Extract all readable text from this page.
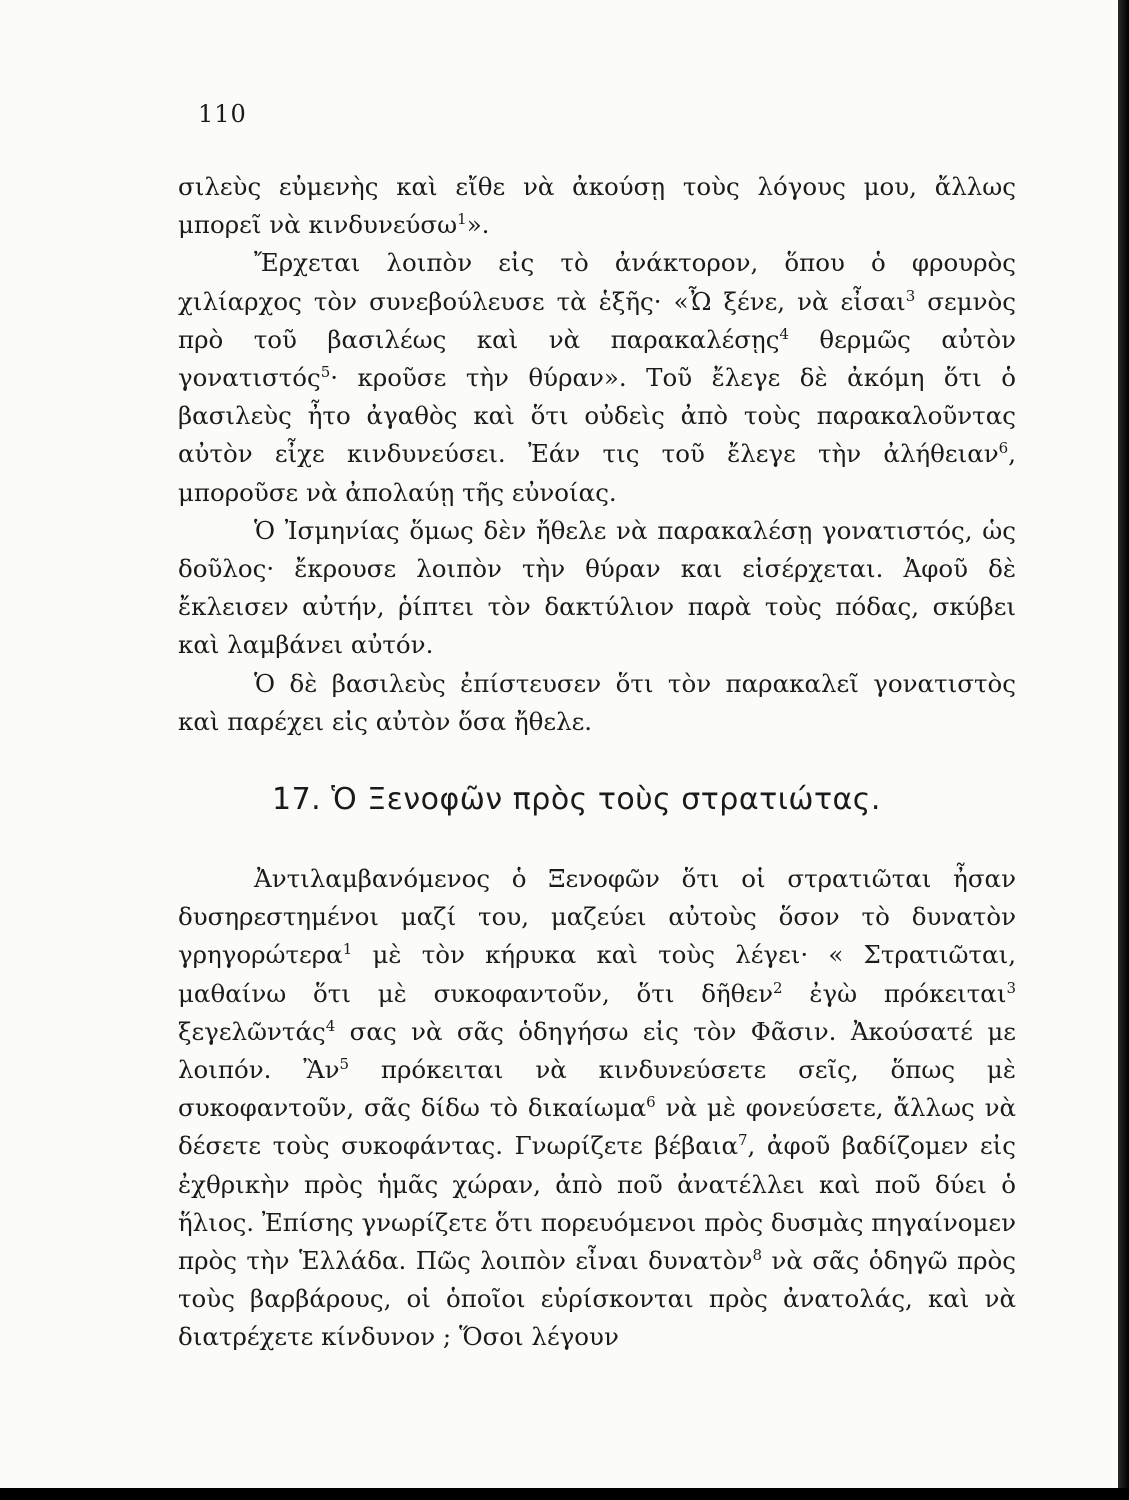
110

σιλεὺς εὐμενὴς καὶ εἴθε νὰ ἀκούσῃ τοὺς λόγους μου, ἄλλως μπορεῖ νὰ κινδυνεύσω$^1$».

Ἔρχεται λοιπὸν εἰς τὸ ἀνάκτορον, ὅπου ὁ φρουρὸς χιλίαρχος τὸν συνεβούλευσε τὰ ἑξῆς· «Ὦ ξένε, νὰ εἶσαι$^3$ σεμνὸς πρὸ τοῦ βασιλέως καὶ νὰ παρακαλέσῃς$^4$ θερμῶς αὐτὸν γονατιστός$^5$· κροῦσε τὴν θύραν». Τοῦ ἔλεγε δὲ ἀκόμη ὅτι ὁ βασιλεὺς ἦτο ἀγαθὸς καὶ ὅτι οὐδεὶς ἀπὸ τοὺς παρακαλοῦντας αὐτὸν εἶχε κινδυνεύσει. Ἐάν τις τοῦ ἔλεγε τὴν ἀλήθειαν$^6$, μποροῦσε νὰ ἀπολαύῃ τῆς εὐνοίας.

Ὁ Ἰσμηνίας ὅμως δὲν ἤθελε νὰ παρακαλέσῃ γονατιστός, ὡς δοῦλος· ἔκρουσε λοιπὸν τὴν θύραν και εἰσέρχεται. Ἀφοῦ δὲ ἔκλεισεν αὐτήν, ῥίπτει τὸν δακτύλιον παρὰ τοὺς πόδας, σκύβει καὶ λαμβάνει αὐτόν.

Ὁ δὲ βασιλεὺς ἐπίστευσεν ὅτι τὸν παρακαλεῖ γονατιστὸς καὶ παρέχει εἰς αὐτὸν ὅσα ἤθελε.

17. Ὁ Ξενοφῶν πρὸς τοὺς στρατιώτας.

Ἀντιλαμβανόμενος ὁ Ξενοφῶν ὅτι οἱ στρατιῶται ἦσαν δυσηρεστημένοι μαζί του, μαζεύει αὐτοὺς ὅσον τὸ δυνατὸν γρηγορώτερα$^1$ μὲ τὸν κήρυκα καὶ τοὺς λέγει· « Στρατιῶται, μαθαίνω ὅτι μὲ συκοφαντοῦν, ὅτι δῆθεν$^2$ ἐγὼ πρόκειται$^3$ ξεγελῶντάς$^4$ σας νὰ σᾶς ὁδηγήσω εἰς τὸν Φᾶσιν. Ἀκούσατέ με λοιπόν. Ἂν$^5$ πρόκειται νὰ κινδυνεύσετε σεῖς, ὅπως μὲ συκοφαντοῦν, σᾶς δίδω τὸ δικαίωμα$^6$ νὰ μὲ φονεύσετε, ἄλλως νὰ δέσετε τοὺς συκοφάντας. Γνωρίζετε βέβαια$^7$, ἀφοῦ βαδίζομεν εἰς ἐχθρικὴν πρὸς ἡμᾶς χώραν, ἀπὸ ποῦ ἀνατέλλει καὶ ποῦ δύει ὁ ἥλιος. Ἐπίσης γνωρίζετε ὅτι πορευόμενοι πρὸς δυσμὰς πηγαίνομεν πρὸς τὴν Ἑλλάδα. Πῶς λοιπὸν εἶναι δυνατὸν$^8$ νὰ σᾶς ὁδηγῶ πρὸς τοὺς βαρβάρους, οἱ ὁποῖοι εὑρίσκονται πρὸς ἀνατολάς, καὶ νὰ διατρέχετε κίνδυνον ; Ὅσοι λέγουν
